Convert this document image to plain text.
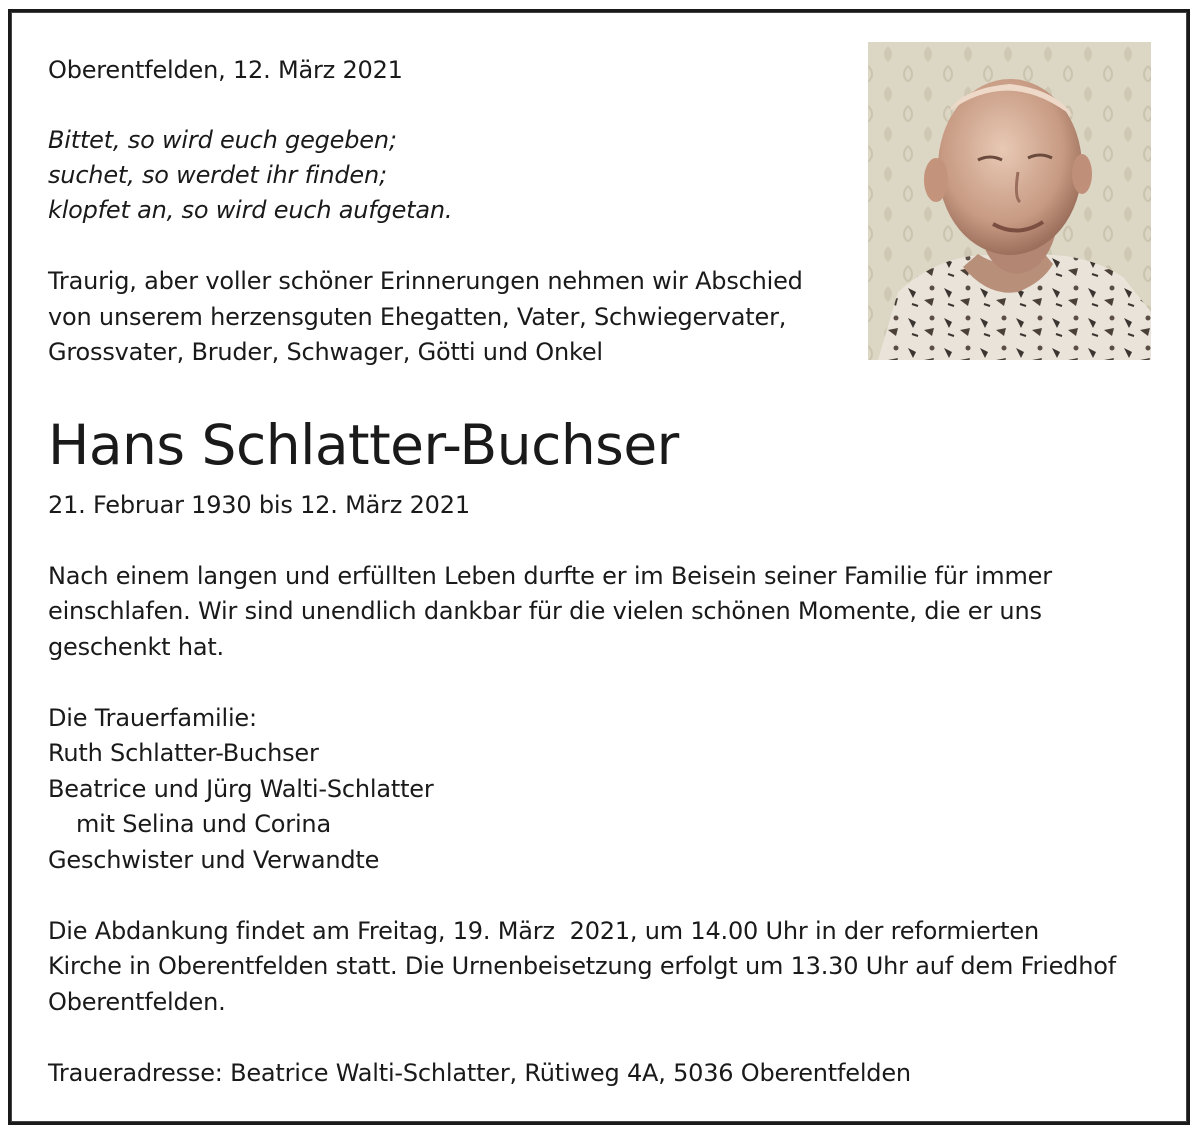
Oberentfelden, 12. März 2021
Bittet, so wird euch gegeben;
suchet, so werdet ihr finden;
klopfet an, so wird euch aufgetan.
Traurig, aber voller schöner Erinnerungen nehmen wir Abschied
von unserem herzensguten Ehegatten, Vater, Schwiegervater,
Grossvater, Bruder, Schwager, Götti und Onkel
Hans Schlatter-Buchser
21. Februar 1930 bis 12. März 2021
Nach einem langen und erfüllten Leben durfte er im Beisein seiner Familie für immer
einschlafen. Wir sind unendlich dankbar für die vielen schönen Momente, die er uns
geschenkt hat.
Die Trauerfamilie:
Ruth Schlatter-Buchser
Beatrice und Jürg Walti-Schlatter
mit Selina und Corina
Geschwister und Verwandte
Die Abdankung findet am Freitag, 19. März  2021, um 14.00 Uhr in der reformierten
Kirche in Oberentfelden statt. Die Urnenbeisetzung erfolgt um 13.30 Uhr auf dem Friedhof
Oberentfelden.
Traueradresse: Beatrice Walti-Schlatter, Rütiweg 4A, 5036 Oberentfelden
